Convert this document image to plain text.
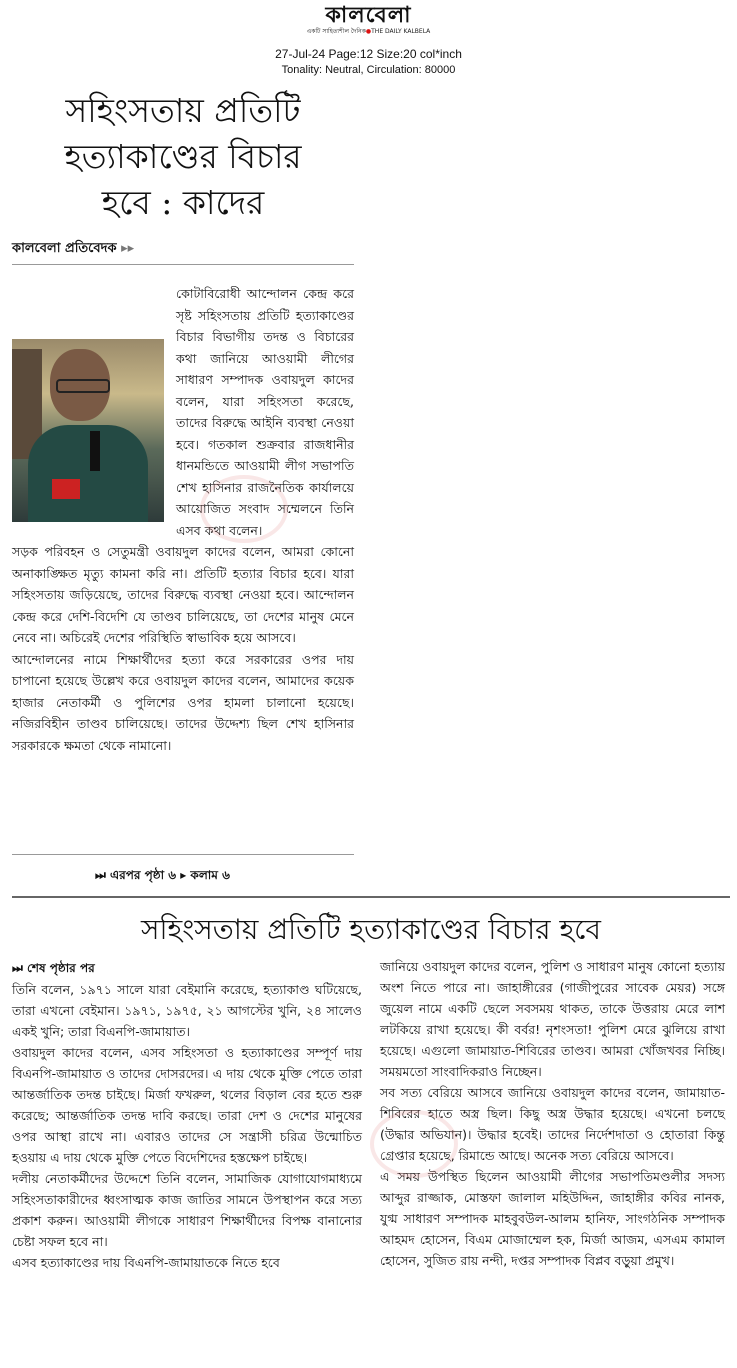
কালবেলা
একটি সাহিত্যশীল দৈনিক●THE DAILY KALBELA
27-Jul-24 Page:12 Size:20 col*inch
Tonality: Neutral, Circulation: 80000
সহিংসতায় প্রতিটি
হত্যাকাণ্ডের বিচার
হবে : কাদের
কালবেলা প্রতিবেদক ▸▸

কোটাবিরোধী আন্দোলন কেন্দ্র করে সৃষ্ট সহিংসতায় প্রতিটি হত্যাকাণ্ডের বিচার বিভাগীয় তদন্ত ও বিচারের কথা জানিয়ে আওয়ামী লীগের সাধারণ সম্পাদক ওবায়দুল কাদের বলেন, যারা সহিংসতা করেছে, তাদের বিরুদ্ধে আইনি ব্যবস্থা নেওয়া হবে। গতকাল শুক্রবার রাজধানীর ধানমন্ডিতে আওয়ামী লীগ সভাপতি শেখ হাসিনার রাজনৈতিক কার্যালয়ে আয়োজিত সংবাদ সম্মেলনে তিনি এসব কথা বলেন।

সড়ক পরিবহন ও সেতুমন্ত্রী ওবায়দুল কাদের বলেন, আমরা কোনো অনাকাঙ্ক্ষিত মৃত্যু কামনা করি না। প্রতিটি হত্যার বিচার হবে। যারা সহিংসতায় জড়িয়েছে, তাদের বিরুদ্ধে ব্যবস্থা নেওয়া হবে। আন্দোলন কেন্দ্র করে দেশি-বিদেশি যে তাণ্ডব চালিয়েছে, তা দেশের মানুষ মেনে নেবে না। অচিরেই দেশের পরিস্থিতি স্বাভাবিক হয়ে আসবে।

আন্দোলনের নামে শিক্ষার্থীদের হত্যা করে সরকারের ওপর দায় চাপানো হয়েছে উল্লেখ করে ওবায়দুল কাদের বলেন, আমাদের কয়েক হাজার নেতাকর্মী ও পুলিশের ওপর হামলা চালানো হয়েছে। নজিরবিহীন তাণ্ডব চালিয়েছে। তাদের উদ্দেশ্য ছিল শেখ হাসিনার সরকারকে ক্ষমতা থেকে নামানো।

⏭ এরপর পৃষ্ঠা ৬ ▸ কলাম ৬
সহিংসতায় প্রতিটি হত্যাকাণ্ডের বিচার হবে

⏭ শেষ পৃষ্ঠার পর

তিনি বলেন, ১৯৭১ সালে যারা বেইমানি করেছে, হত্যাকাণ্ড ঘটিয়েছে, তারা এখনো বেইমান। ১৯৭১, ১৯৭৫, ২১ আগস্টের খুনি, ২৪ সালেও একই খুনি; তারা বিএনপি-জামায়াত।

ওবায়দুল কাদের বলেন, এসব সহিংসতা ও হত্যাকাণ্ডের সম্পূর্ণ দায় বিএনপি-জামায়াত ও তাদের দোসরদের। এ দায় থেকে মুক্তি পেতে তারা আন্তর্জাতিক তদন্ত চাইছে। মির্জা ফখরুল, থলের বিড়াল বের হতে শুরু করেছে; আন্তর্জাতিক তদন্ত দাবি করছে। তারা দেশ ও দেশের মানুষের ওপর আস্থা রাখে না। এবারও তাদের সে সন্ত্রাসী চরিত্র উন্মোচিত হওয়ায় এ দায় থেকে মুক্তি পেতে বিদেশিদের হস্তক্ষেপ চাইছে।

দলীয় নেতাকর্মীদের উদ্দেশে তিনি বলেন, সামাজিক যোগাযোগমাধ্যমে সহিংসতাকারীদের ধ্বংসাত্মক কাজ জাতির সামনে উপস্থাপন করে সত্য প্রকাশ করুন। আওয়ামী লীগকে সাধারণ শিক্ষার্থীদের বিপক্ষ বানানোর চেষ্টা সফল হবে না।

এসব হত্যাকাণ্ডের দায় বিএনপি-জামায়াতকে নিতে হবে

জানিয়ে ওবায়দুল কাদের বলেন, পুলিশ ও সাধারণ মানুষ কোনো হত্যায় অংশ নিতে পারে না। জাহাঙ্গীরের (গাজীপুরের সাবেক মেয়র) সঙ্গে জুয়েল নামে একটি ছেলে সবসময় থাকত, তাকে উত্তরায় মেরে লাশ লটকিয়ে রাখা হয়েছে। কী বর্বর! নৃশংসতা! পুলিশ মেরে ঝুলিয়ে রাখা হয়েছে। এগুলো জামায়াত-শিবিরের তাণ্ডব। আমরা খোঁজখবর নিচ্ছি। সময়মতো সাংবাদিকরাও নিচ্ছেন।

সব সত্য বেরিয়ে আসবে জানিয়ে ওবায়দুল কাদের বলেন, জামায়াত-শিবিরের হাতে অস্ত্র ছিল। কিছু অস্ত্র উদ্ধার হয়েছে। এখনো চলছে (উদ্ধার অভিযান)। উদ্ধার হবেই। তাদের নির্দেশদাতা ও হোতারা কিন্তু গ্রেপ্তার হয়েছে, রিমান্ডে আছে। অনেক সত্য বেরিয়ে আসবে।

এ সময় উপস্থিত ছিলেন আওয়ামী লীগের সভাপতিমণ্ডলীর সদস্য আব্দুর রাজ্জাক, মোস্তফা জালাল মহিউদ্দিন, জাহাঙ্গীর কবির নানক, যুগ্ম সাধারণ সম্পাদক মাহবুবউল-আলম হানিফ, সাংগঠনিক সম্পাদক আহমদ হোসেন, বিএম মোজাম্মেল হক, মির্জা আজম, এসএম কামাল হোসেন, সুজিত রায় নন্দী, দপ্তর সম্পাদক বিপ্লব বড়ুয়া প্রমুখ।
